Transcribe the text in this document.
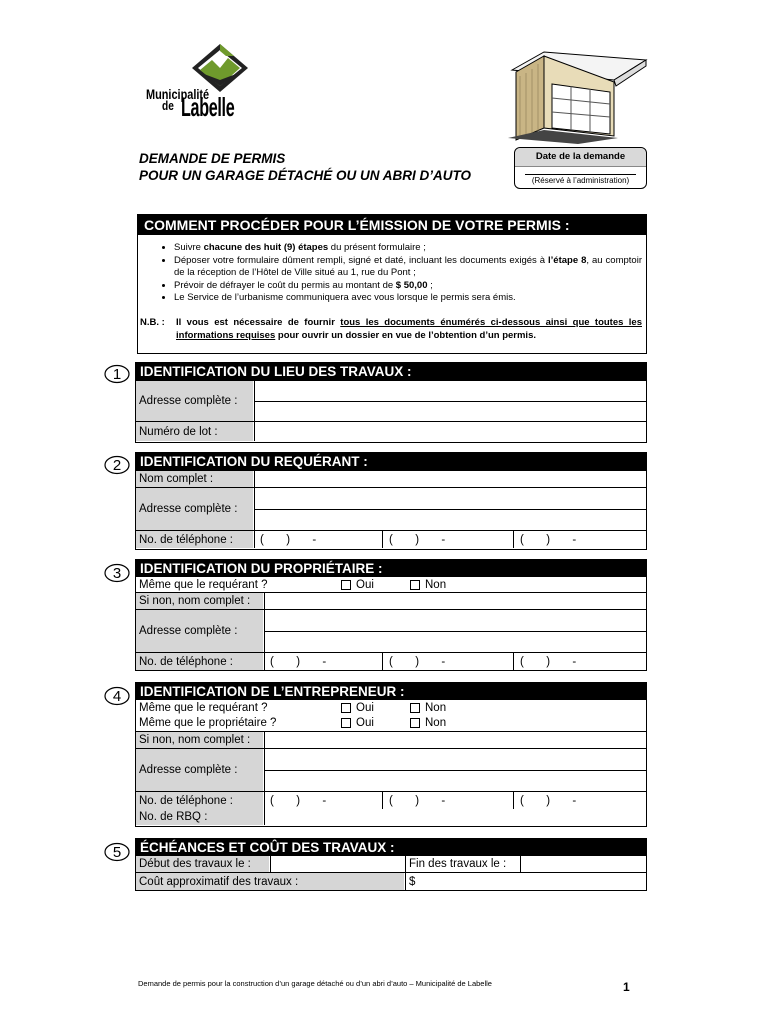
Municipalité
de Labelle
DEMANDE DE PERMIS
POUR UN GARAGE DÉTACHÉ OU UN ABRI D’AUTO
Date de la demande
(Réservé à l’administration)
COMMENT PROCÉDER POUR L’ÉMISSION DE VOTRE PERMIS :
• Suivre chacune des huit (9) étapes du présent formulaire ;
• Déposer votre formulaire dûment rempli, signé et daté, incluant les documents exigés à l’étape 8, au comptoir de la réception de l’Hôtel de Ville situé au 1, rue du Pont ;
• Prévoir de défrayer le coût du permis au montant de $ 50,00 ;
• Le Service de l’urbanisme communiquera avec vous lorsque le permis sera émis.
N.B. : Il vous est nécessaire de fournir tous les documents énumérés ci-dessous ainsi que toutes les informations requises pour ouvrir un dossier en vue de l’obtention d’un permis.
1 IDENTIFICATION DU LIEU DES TRAVAUX :
Adresse complète :
Numéro de lot :
2 IDENTIFICATION DU REQUÉRANT :
Nom complet :
Adresse complète :
No. de téléphone :	(       )       -	(       )       -	(       )       -
3 IDENTIFICATION DU PROPRIÉTAIRE :
Même que le requérant ?	Oui	Non
Si non, nom complet :
Adresse complète :
No. de téléphone :	(       )       -	(       )       -	(       )       -
4 IDENTIFICATION DE L’ENTREPRENEUR :
Même que le requérant ?	Oui	Non
Même que le propriétaire ?	Oui	Non
Si non, nom complet :
Adresse complète :
No. de téléphone :	(       )       -	(       )       -	(       )       -
No. de RBQ :
5 ÉCHÉANCES ET COÛT DES TRAVAUX :
Début des travaux le :	Fin des travaux le :
Coût approximatif des travaux :	$
Demande de permis pour la construction d’un garage détaché ou d’un abri d’auto – Municipalité de Labelle	1
